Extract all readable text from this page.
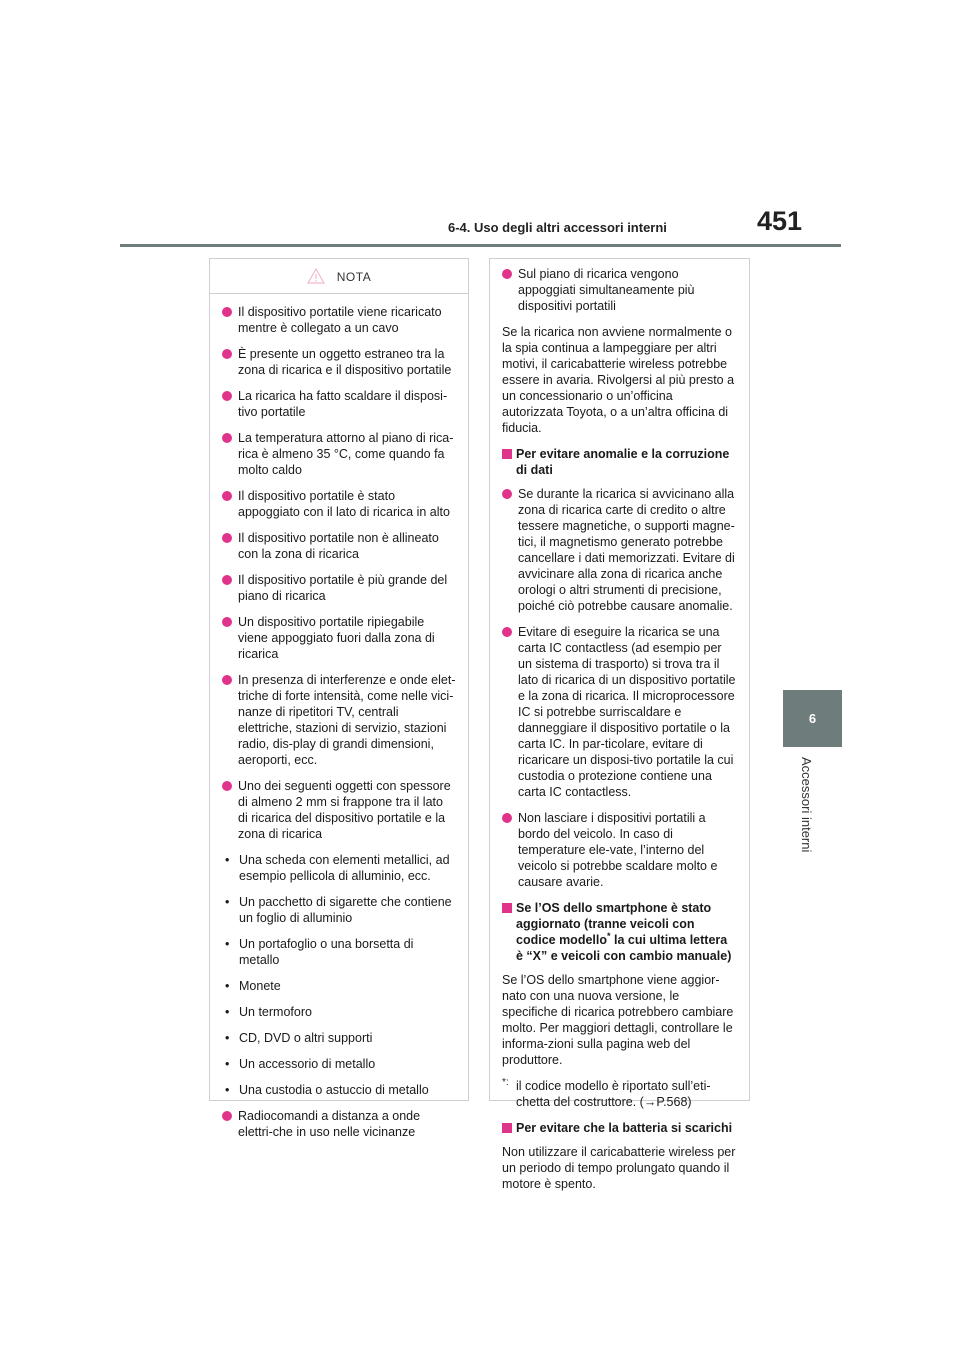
6-4. Uso degli altri accessori interni	451
6
Accessori interni
NOTA
Il dispositivo portatile viene ricaricato mentre è collegato a un cavo
È presente un oggetto estraneo tra la zona di ricarica e il dispositivo portatile
La ricarica ha fatto scaldare il disposi-tivo portatile
La temperatura attorno al piano di rica-rica è almeno 35 °C, come quando fa molto caldo
Il dispositivo portatile è stato appoggiato con il lato di ricarica in alto
Il dispositivo portatile non è allineato con la zona di ricarica
Il dispositivo portatile è più grande del piano di ricarica
Un dispositivo portatile ripiegabile viene appoggiato fuori dalla zona di ricarica
In presenza di interferenze e onde elet-triche di forte intensità, come nelle vici-nanze di ripetitori TV, centrali elettriche, stazioni di servizio, stazioni radio, dis-play di grandi dimensioni, aeroporti, ecc.
Uno dei seguenti oggetti con spessore di almeno 2 mm si frappone tra il lato di ricarica del dispositivo portatile e la zona di ricarica
• Una scheda con elementi metallici, ad esempio pellicola di alluminio, ecc.
• Un pacchetto di sigarette che contiene un foglio di alluminio
• Un portafoglio o una borsetta di metallo
• Monete
• Un termoforo
• CD, DVD o altri supporti
• Un accessorio di metallo
• Una custodia o astuccio di metallo
Radiocomandi a distanza a onde elettri-che in uso nelle vicinanze
Sul piano di ricarica vengono appoggiati simultaneamente più dispositivi portatili
Se la ricarica non avviene normalmente o la spia continua a lampeggiare per altri motivi, il caricabatterie wireless potrebbe essere in avaria. Rivolgersi al più presto a un concessionario o un’officina autorizzata Toyota, o a un’altra officina di fiducia.
Per evitare anomalie e la corruzione di dati
Se durante la ricarica si avvicinano alla zona di ricarica carte di credito o altre tessere magnetiche, o supporti magne-tici, il magnetismo generato potrebbe cancellare i dati memorizzati. Evitare di avvicinare alla zona di ricarica anche orologi o altri strumenti di precisione, poiché ciò potrebbe causare anomalie.
Evitare di eseguire la ricarica se una carta IC contactless (ad esempio per un sistema di trasporto) si trova tra il lato di ricarica di un dispositivo portatile e la zona di ricarica. Il microprocessore IC si potrebbe surriscaldare e danneggiare il dispositivo portatile o la carta IC. In par-ticolare, evitare di ricaricare un disposi-tivo portatile la cui custodia o protezione contiene una carta IC contactless.
Non lasciare i dispositivi portatili a bordo del veicolo. In caso di temperature ele-vate, l’interno del veicolo si potrebbe scaldare molto e causare avarie.
Se l’OS dello smartphone è stato aggiornato (tranne veicoli con codice modello* la cui ultima lettera è “X” e veicoli con cambio manuale)
Se l’OS dello smartphone viene aggior-nato con una nuova versione, le specifiche di ricarica potrebbero cambiare molto. Per maggiori dettagli, controllare le informa-zioni sulla pagina web del produttore.
*: il codice modello è riportato sull’eti-chetta del costruttore. (→P.568)
Per evitare che la batteria si scarichi
Non utilizzare il caricabatterie wireless per un periodo di tempo prolungato quando il motore è spento.
